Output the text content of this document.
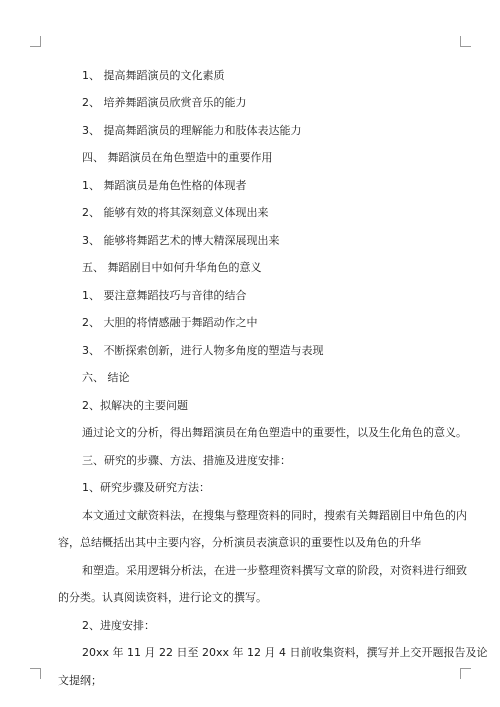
1、 提高舞蹈演员的文化素质
2、 培养舞蹈演员欣赏音乐的能力
3、 提高舞蹈演员的理解能力和肢体表达能力
四、 舞蹈演员在角色塑造中的重要作用
1、 舞蹈演员是角色性格的体现者
2、 能够有效的将其深刻意义体现出来
3、 能够将舞蹈艺术的博大精深展现出来
五、 舞蹈剧目中如何升华角色的意义
1、 要注意舞蹈技巧与音律的结合
2、 大胆的将情感融于舞蹈动作之中
3、 不断探索创新，进行人物多角度的塑造与表现
六、 结论
2、拟解决的主要问题
通过论文的分析，得出舞蹈演员在角色塑造中的重要性，以及生化角色的意义。
三、研究的步骤、方法、措施及进度安排：
1、研究步骤及研究方法：
本文通过文献资料法，在搜集与整理资料的同时，搜索有关舞蹈剧目中角色的内
容，总结概括出其中主要内容，分析演员表演意识的重要性以及角色的升华
和塑造。采用逻辑分析法，在进一步整理资料撰写文章的阶段，对资料进行细致
的分类。认真阅读资料，进行论文的撰写。
2、进度安排：
20xx 年 11 月 22 日至 20xx 年 12 月 4 日前收集资料，撰写并上交开题报告及论
文提纲；
